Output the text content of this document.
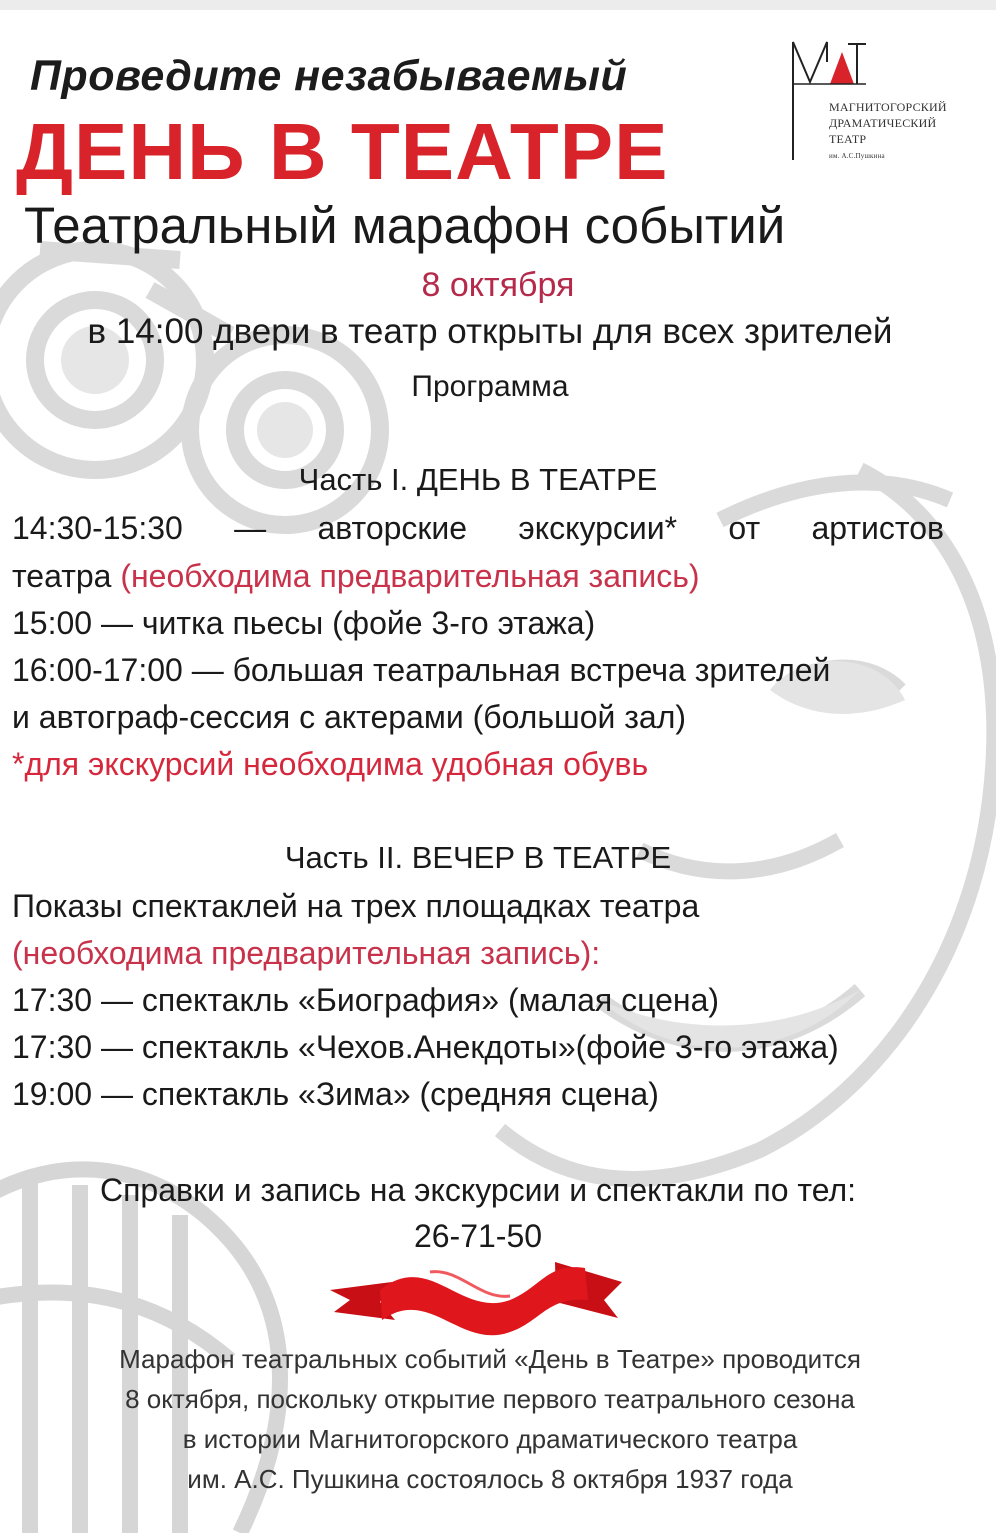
МАГНИТОГОРСКИЙ

ДРАМАТИЧЕСКИЙ

ТЕАТР

им. А.С.Пушкина

Проведите незабываемый

ДЕНЬ В ТЕАТРЕ

Театральный марафон событий

8 октября

в 14:00 двери в театр открыты для всех зрителей

Программа

Часть I. ДЕНЬ В ТЕАТРЕ

14:30-15:30 — авторские экскурсии* от артистов

театра (необходима предварительная запись)

15:00 — читка пьесы (фойе 3-го этажа)

16:00-17:00 — большая театральная встреча зрителей

и автограф-сессия с актерами (большой зал)

*для экскурсий необходима удобная обувь

Часть II. ВЕЧЕР В ТЕАТРЕ

Показы спектаклей на трех площадках театра

(необходима предварительная запись):

17:30 — спектакль «Биография» (малая сцена)

17:30 — спектакль «Чехов.Анекдоты»(фойе 3-го этажа)

19:00 — спектакль «Зима» (средняя сцена)

Справки и запись на экскурсии и спектакли по тел:

26-71-50

Марафон театральных событий «День в Театре» проводится

8 октября, поскольку открытие первого театрального сезона

в истории Магнитогорского драматического театра

им. А.С. Пушкина состоялось 8 октября 1937 года
